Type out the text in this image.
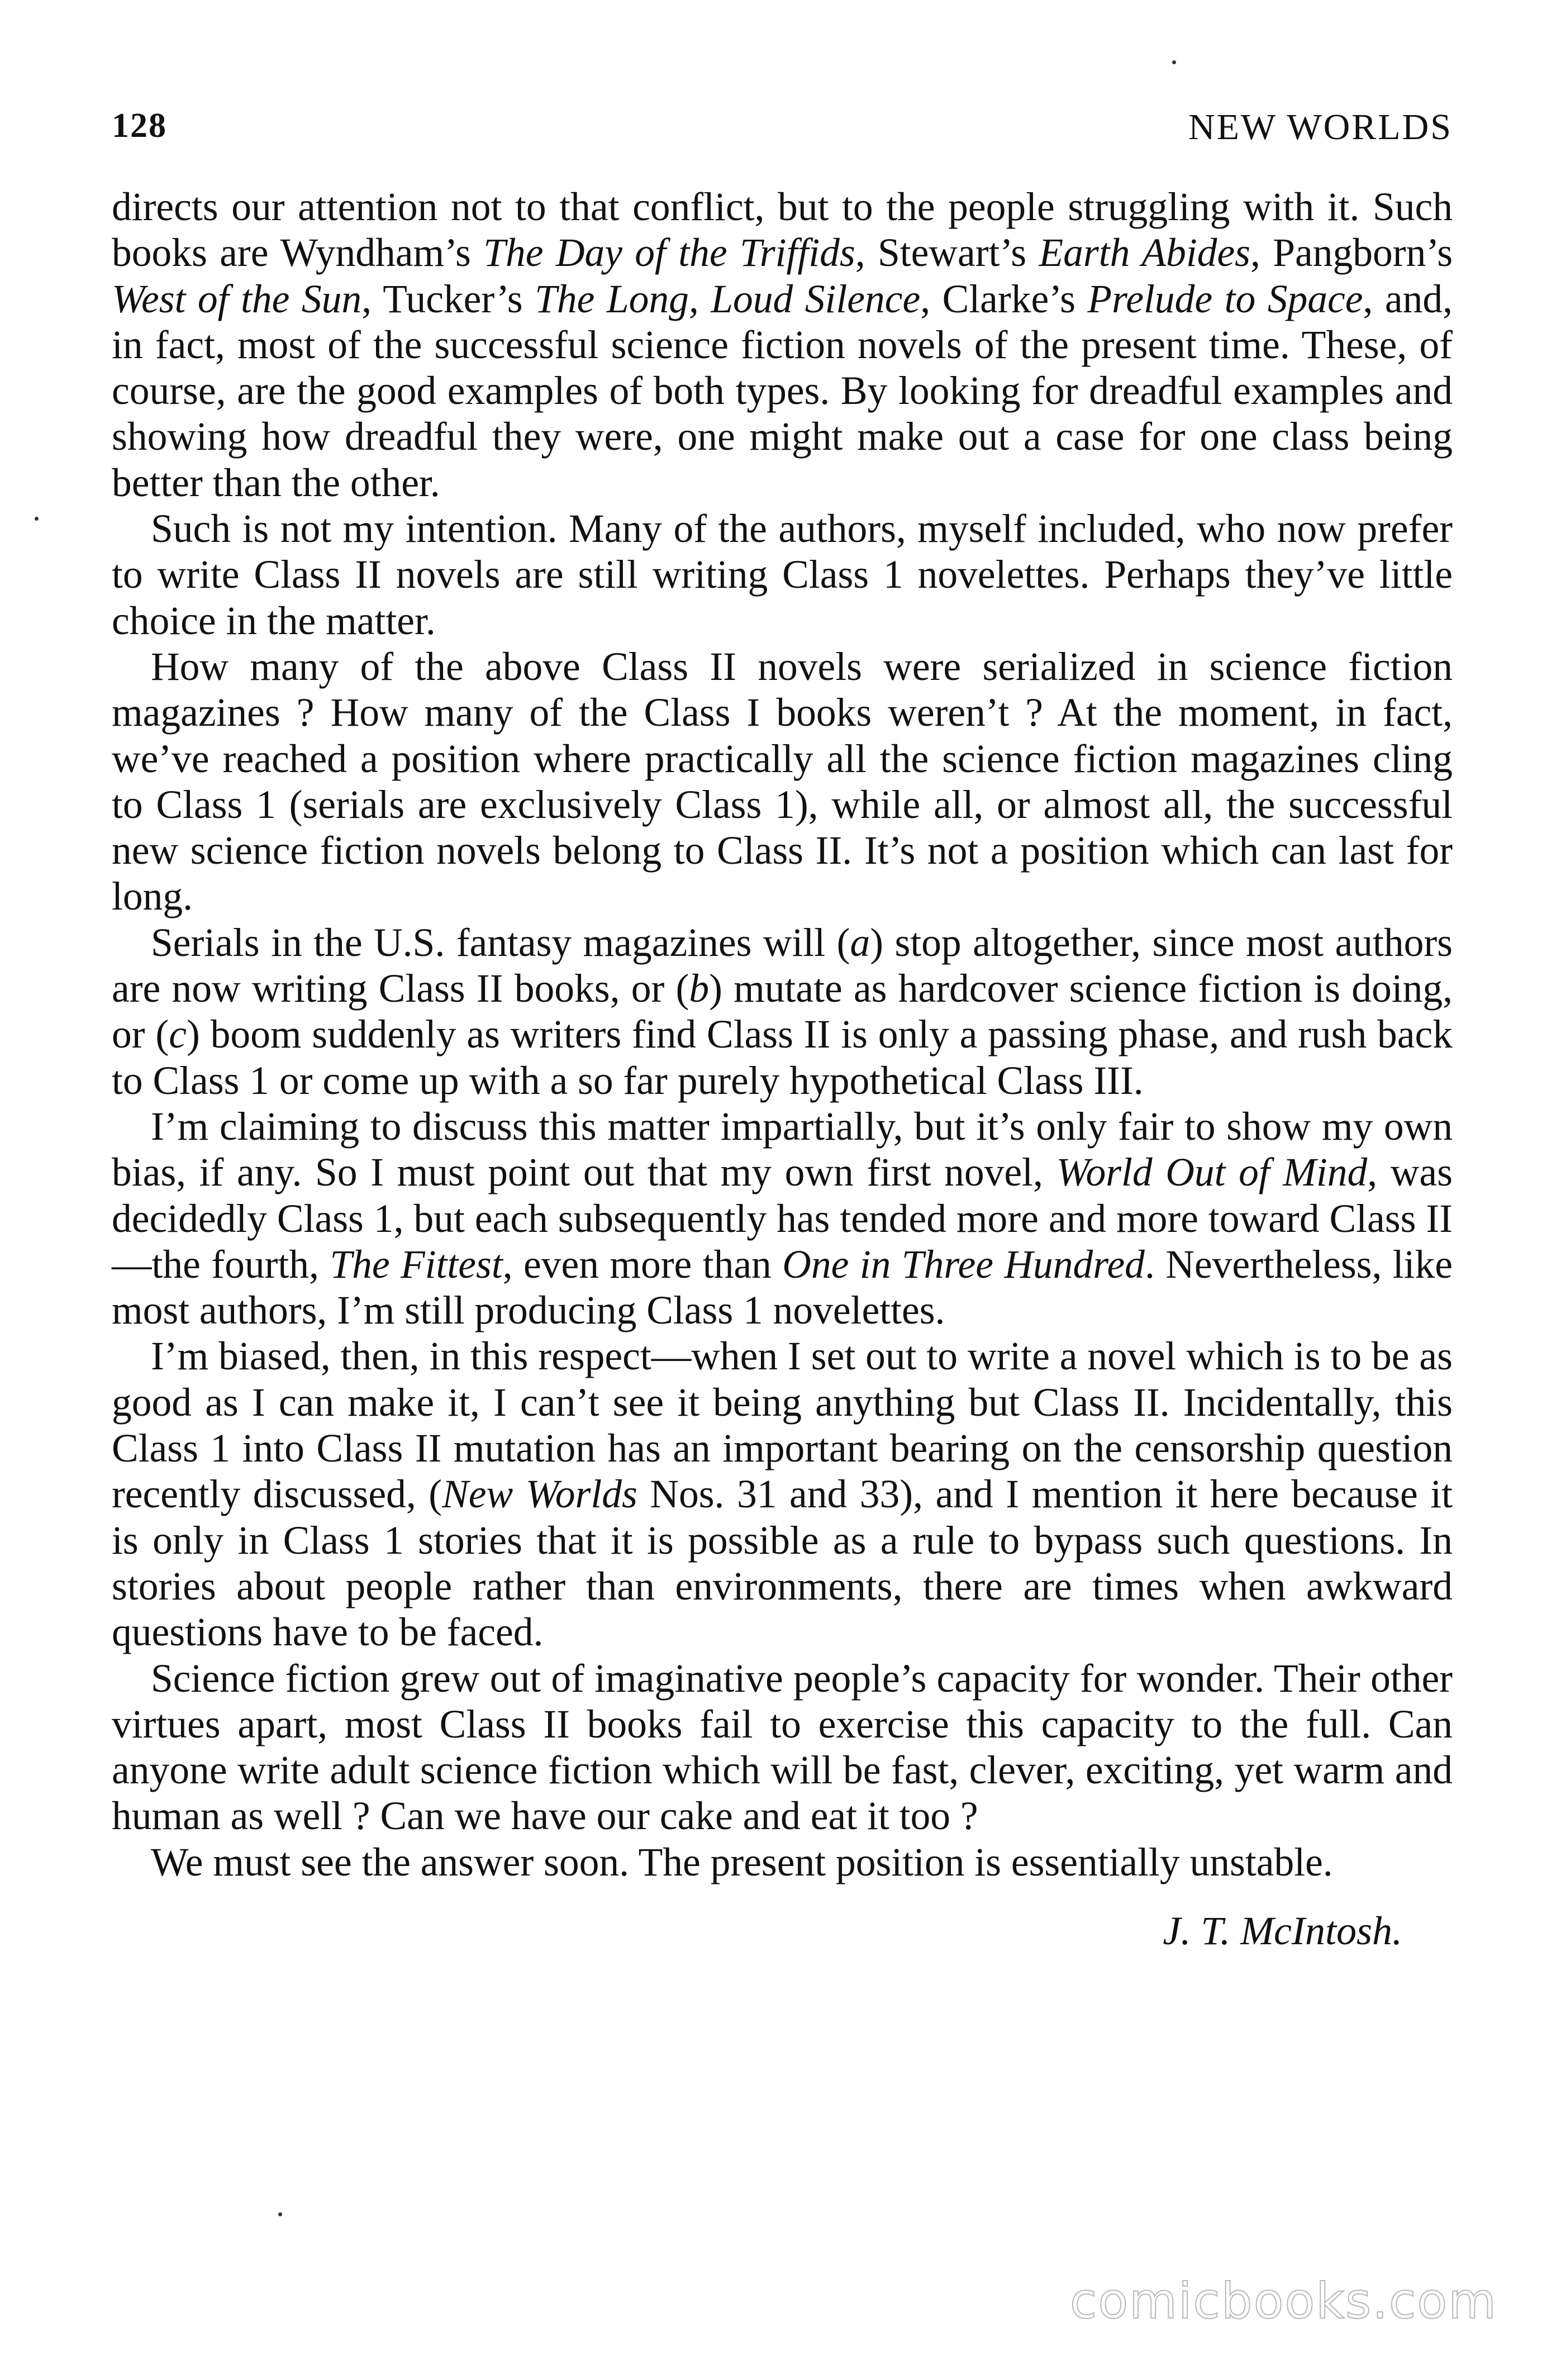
128	NEW WORLDS

directs our attention not to that conflict, but to the people struggling with it. Such books are Wyndham’s The Day of the Triffids, Stewart’s Earth Abides, Pangborn’s West of the Sun, Tucker’s The Long, Loud Silence, Clarke’s Prelude to Space, and, in fact, most of the successful science fiction novels of the present time. These, of course, are the good examples of both types. By looking for dreadful examples and showing how dreadful they were, one might make out a case for one class being better than the other.

Such is not my intention. Many of the authors, myself included, who now prefer to write Class II novels are still writing Class 1 novelettes. Perhaps they’ve little choice in the matter.

How many of the above Class II novels were serialized in science fiction magazines ? How many of the Class I books weren’t ? At the moment, in fact, we’ve reached a position where practically all the science fiction magazines cling to Class 1 (serials are exclusively Class 1), while all, or almost all, the successful new science fiction novels belong to Class II. It’s not a position which can last for long.

Serials in the U.S. fantasy magazines will (a) stop altogether, since most authors are now writing Class II books, or (b) mutate as hardcover science fiction is doing, or (c) boom suddenly as writers find Class II is only a passing phase, and rush back to Class 1 or come up with a so far purely hypothetical Class III.

I’m claiming to discuss this matter impartially, but it’s only fair to show my own bias, if any. So I must point out that my own first novel, World Out of Mind, was decidedly Class 1, but each subsequently has tended more and more toward Class II—the fourth, The Fittest, even more than One in Three Hundred. Nevertheless, like most authors, I’m still producing Class 1 novelettes.

I’m biased, then, in this respect—when I set out to write a novel which is to be as good as I can make it, I can’t see it being anything but Class II. Incidentally, this Class 1 into Class II mutation has an important bearing on the censorship question recently discussed, (New Worlds Nos. 31 and 33), and I mention it here because it is only in Class 1 stories that it is possible as a rule to bypass such questions. In stories about people rather than environments, there are times when awkward questions have to be faced.

Science fiction grew out of imaginative people’s capacity for wonder. Their other virtues apart, most Class II books fail to exercise this capacity to the full. Can anyone write adult science fiction which will be fast, clever, exciting, yet warm and human as well ? Can we have our cake and eat it too ?

We must see the answer soon. The present position is essentially unstable.

J. T. McIntosh.
comicbooks.com
